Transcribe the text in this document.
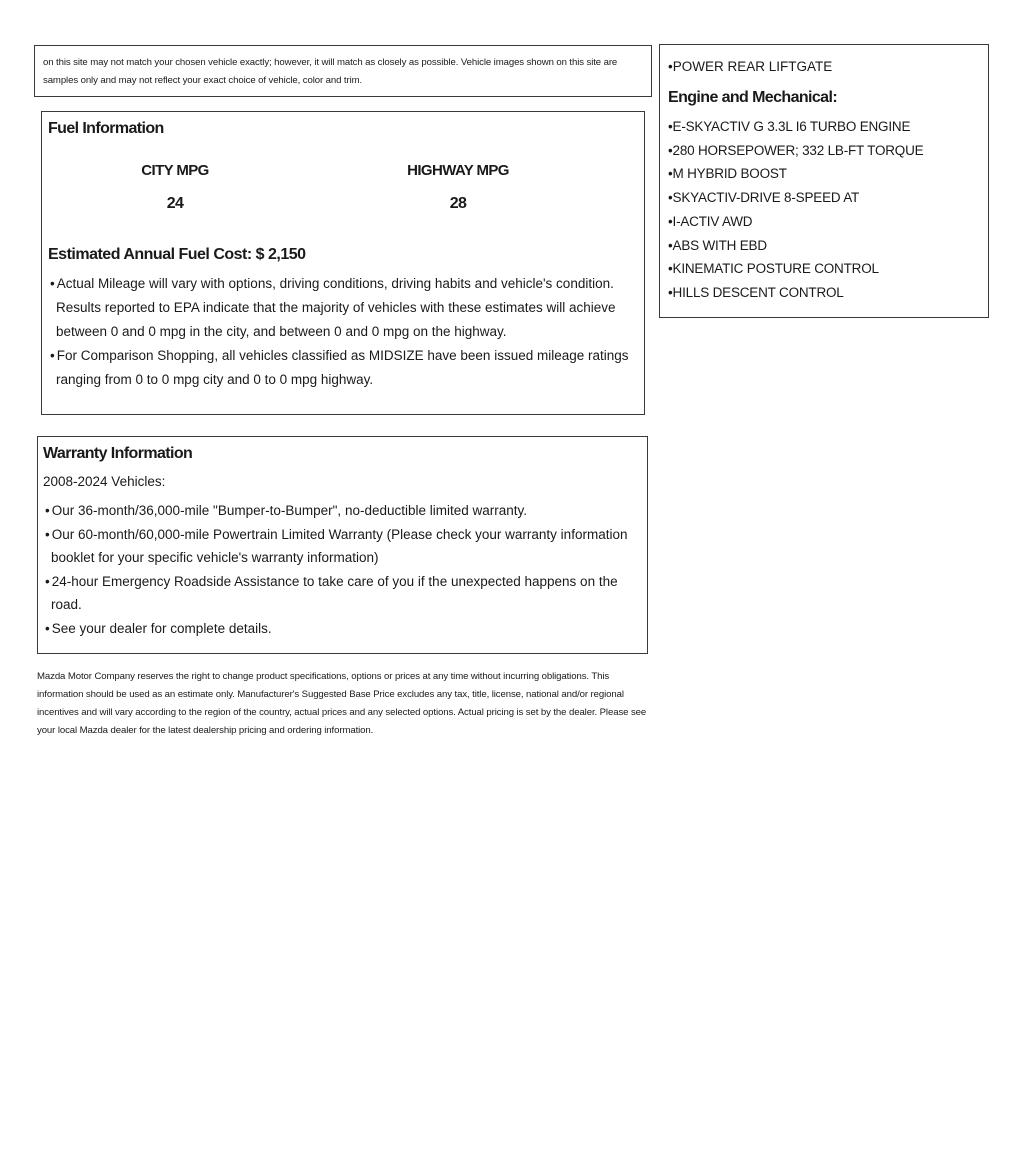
on this site may not match your chosen vehicle exactly; however, it will match as closely as possible. Vehicle images shown on this site are samples only and may not reflect your exact choice of vehicle, color and trim.

Fuel Information
CITY MPG
24
HIGHWAY MPG
28
Estimated Annual Fuel Cost: $ 2,150
• Actual Mileage will vary with options, driving conditions, driving habits and vehicle's condition. Results reported to EPA indicate that the majority of vehicles with these estimates will achieve between 0 and 0 mpg in the city, and between 0 and 0 mpg on the highway.
• For Comparison Shopping, all vehicles classified as MIDSIZE have been issued mileage ratings ranging from 0 to 0 mpg city and 0 to 0 mpg highway.
Warranty Information
2008-2024 Vehicles:
• Our 36-month/36,000-mile "Bumper-to-Bumper", no-deductible limited warranty.
• Our 60-month/60,000-mile Powertrain Limited Warranty (Please check your warranty information booklet for your specific vehicle's warranty information)
• 24-hour Emergency Roadside Assistance to take care of you if the unexpected happens on the road.
• See your dealer for complete details.
Mazda Motor Company reserves the right to change product specifications, options or prices at any time without incurring obligations. This information should be used as an estimate only. Manufacturer's Suggested Base Price excludes any tax, title, license, national and/or regional incentives and will vary according to the region of the country, actual prices and any selected options. Actual pricing is set by the dealer. Please see your local Mazda dealer for the latest dealership pricing and ordering information.
• POWER REAR LIFTGATE
Engine and Mechanical:
• E-SKYACTIV G 3.3L I6 TURBO ENGINE
• 280 HORSEPOWER; 332 LB-FT TORQUE
• M HYBRID BOOST
• SKYACTIV-DRIVE 8-SPEED AT
• I-ACTIV AWD
• ABS WITH EBD
• KINEMATIC POSTURE CONTROL
• HILLS DESCENT CONTROL
